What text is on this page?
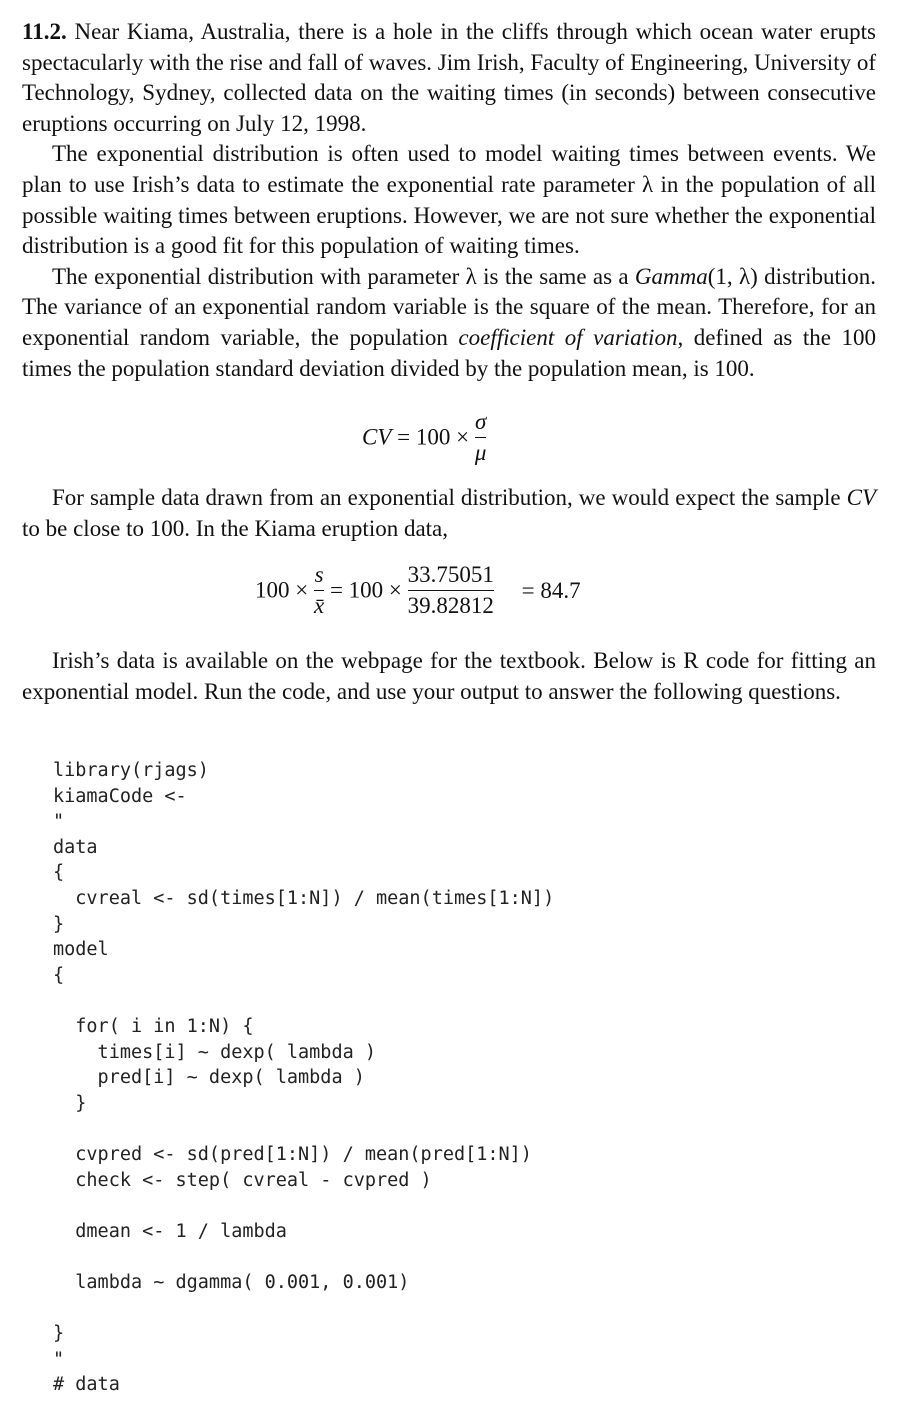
11.2. Near Kiama, Australia, there is a hole in the cliffs through which ocean water erupts spectacularly with the rise and fall of waves. Jim Irish, Faculty of Engineering, University of Technology, Sydney, collected data on the waiting times (in seconds) between consecutive eruptions occurring on July 12, 1998.

The exponential distribution is often used to model waiting times between events. We plan to use Irish’s data to estimate the exponential rate parameter λ in the population of all possible waiting times between eruptions. However, we are not sure whether the exponential distribution is a good fit for this population of waiting times.

The exponential distribution with parameter λ is the same as a Gamma(1, λ) distribution. The variance of an exponential random variable is the square of the mean. Therefore, for an exponential random variable, the population coefficient of variation, defined as the 100 times the population standard deviation divided by the population mean, is 100.

CV = $100 \times \frac{\sigma}{\mu}$

For sample data drawn from an exponential distribution, we would expect the sample CV to be close to 100. In the Kiama eruption data,

$100 \times \frac{s}{x̄} = 100 \times \frac{33.75051}{39.82812} = 84.7$

Irish’s data is available on the webpage for the textbook. Below is R code for fitting an exponential model. Run the code, and use your output to answer the following questions.

library(rjags)
kiamaCode <-
"
data
{
cvreal <- sd(times[1:N]) / mean(times[1:N])
}
model
{
for( i in 1:N) {
times[i] ~ dexp( lambda )
pred[i] ~ dexp( lambda )
}
cvpred <- sd(pred[1:N]) / mean(pred[1:N])
check <- step( cvreal - cvpred )
dmean <- 1 / lambda
lambda ~ dgamma( 0.001, 0.001)
}
"
# data
